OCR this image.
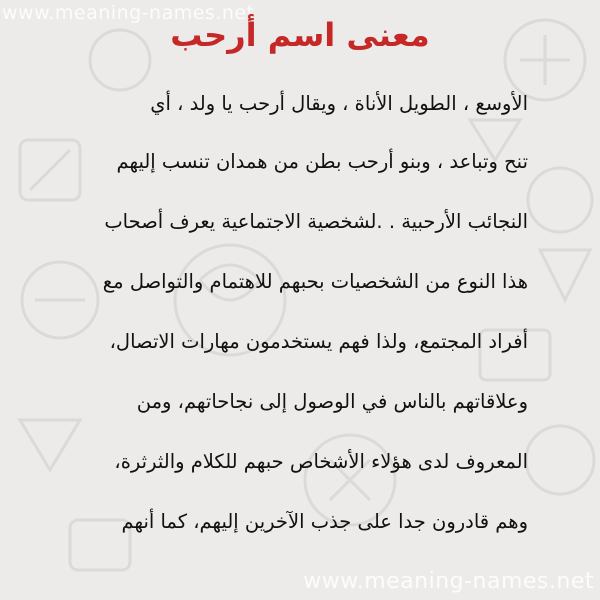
www.meaning-names.net
معنى اسم أرحب
الأوسع ، الطويل الأناة ، ويقال أرحب يا ولد ، أي
تنح وتباعد ، وبنو أرحب بطن من همدان تنسب إليهم
النجائب الأرحبية . .لشخصية الاجتماعية يعرف أصحاب
هذا النوع من الشخصيات بحبهم للاهتمام والتواصل مع
أفراد المجتمع، ولذا فهم يستخدمون مهارات الاتصال،
وعلاقاتهم بالناس في الوصول إلى نجاحاتهم، ومن
المعروف لدى هؤلاء الأشخاص حبهم للكلام والثرثرة،
وهم قادرون جدا على جذب الآخرين إليهم، كما أنهم
www.meaning-names.net
